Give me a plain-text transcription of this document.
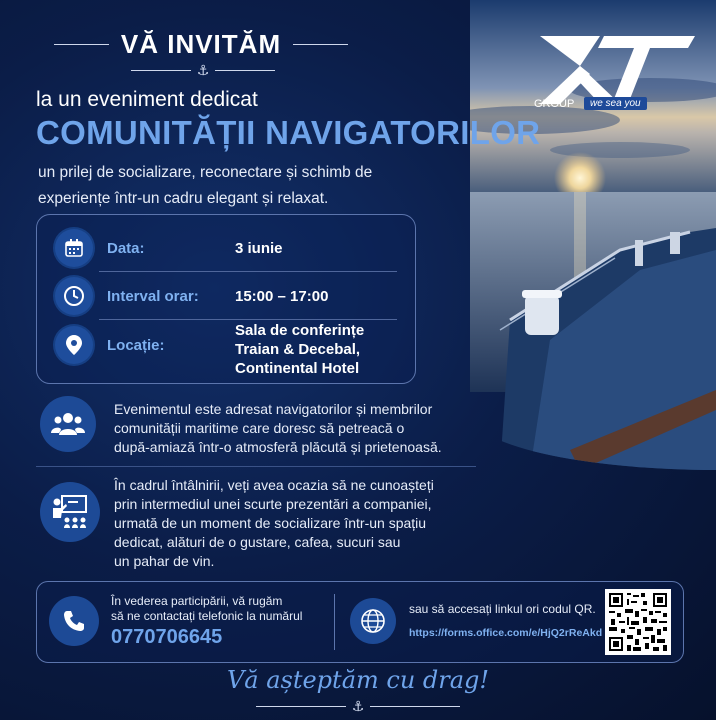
GROUP	we sea you
VĂ INVITĂM
⚓
la un eveniment dedicat
COMUNITĂȚII NAVIGATORILOR
un prilej de socializare, reconectare și schimb de experiențe într-un cadru elegant și relaxat.
Data:	3 iunie
Interval orar: 15:00 – 17:00
Locație:
Sala de conferințe
Traian & Decebal,
Continental Hotel
Evenimentul este adresat navigatorilor și membrilor
comunității maritime care doresc să petreacă o
după-amiază într-o atmosferă plăcută și prietenoasă.
În cadrul întâlnirii, veți avea ocazia să ne cunoașteți
prin intermediul unei scurte prezentări a companiei,
urmată de un moment de socializare într-un spațiu
dedicat, alături de o gustare, cafea, sucuri sau
un pahar de vin.
În vederea participării, vă rugăm
să ne contactați telefonic la numărul
0770706645
sau să accesați linkul ori codul QR.
https://forms.office.com/e/HjQ2rReAkd
Vă așteptăm cu drag!
⚓
